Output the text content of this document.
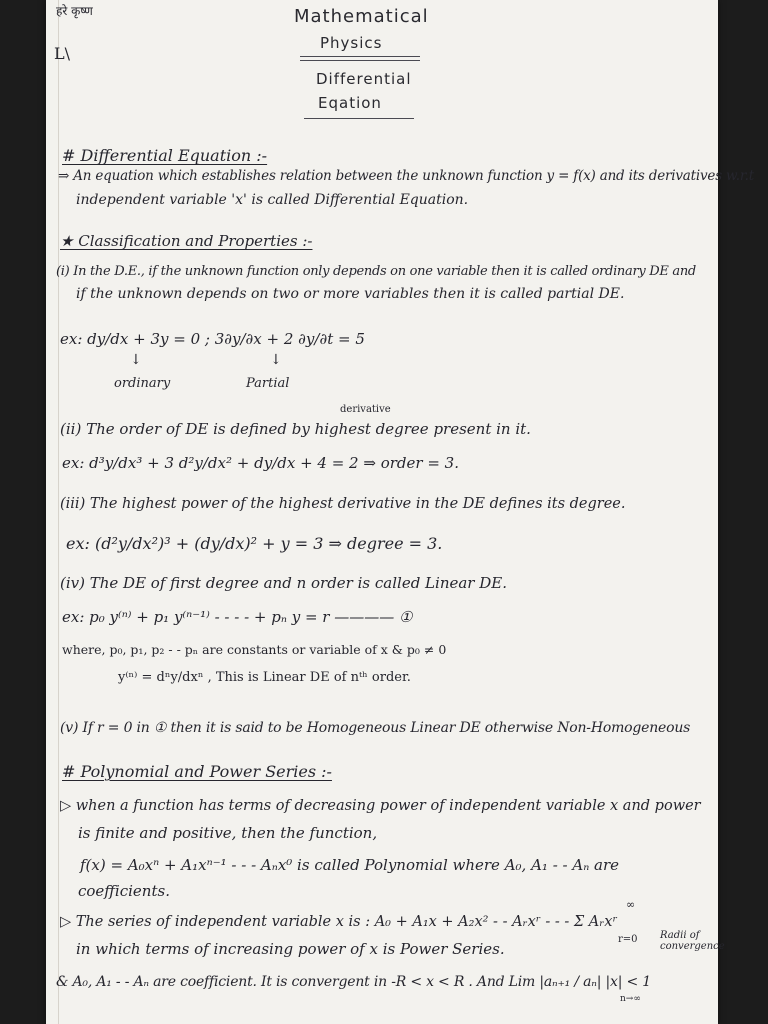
हरे कृष्ण
L\
Mathematical
Physics
Differential
Eqation
# Differential Equation :-
⇒ An equation which establishes relation between the unknown function y = f(x) and its derivatives w.r.t
independent variable 'x' is called Differential Equation.
★ Classification and Properties :-
(i) In the D.E., if the unknown function only depends on one variable then it is called ordinary DE and
if the unknown depends on two or more variables then it is called partial DE.
ex: dy/dx + 3y = 0 ; 3∂y/∂x + 2 ∂y/∂t = 5
↓	↓
ordinary	Partial
derivative
(ii) The order of DE is defined by highest degree present in it.
ex: d³y/dx³ + 3 d²y/dx² + dy/dx + 4 = 2 ⇒ order = 3.
(iii) The highest power of the highest derivative in the DE defines its degree.
ex: (d²y/dx²)³ + (dy/dx)² + y = 3 ⇒ degree = 3.
(iv) The DE of first degree and n order is called Linear DE.
ex: p₀ y⁽ⁿ⁾ + p₁ y⁽ⁿ⁻¹⁾ - - - - + pₙ y = r ———— ①
where, p₀, p₁, p₂ - - pₙ are constants or variable of x & p₀ ≠ 0
y⁽ⁿ⁾ = dⁿy/dxⁿ , This is Linear DE of nᵗʰ order.
(v) If r = 0 in ① then it is said to be Homogeneous Linear DE otherwise Non-Homogeneous
# Polynomial and Power Series :-
▷ when a function has terms of decreasing power of independent variable x and power
is finite and positive, then the function,
f(x) = A₀xⁿ + A₁xⁿ⁻¹ - - - Aₙx⁰ is called Polynomial where A₀, A₁ - - Aₙ are
coefficients.
∞
▷ The series of independent variable x is : A₀ + A₁x + A₂x² - - Aᵣxʳ - - - Σ Aᵣxʳ
r=0
in which terms of increasing power of x is Power Series.
Radii of convergence
& A₀, A₁ - - Aₙ are coefficient. It is convergent in -R < x < R . And Lim |aₙ₊₁ / aₙ| |x| < 1
n→∞
